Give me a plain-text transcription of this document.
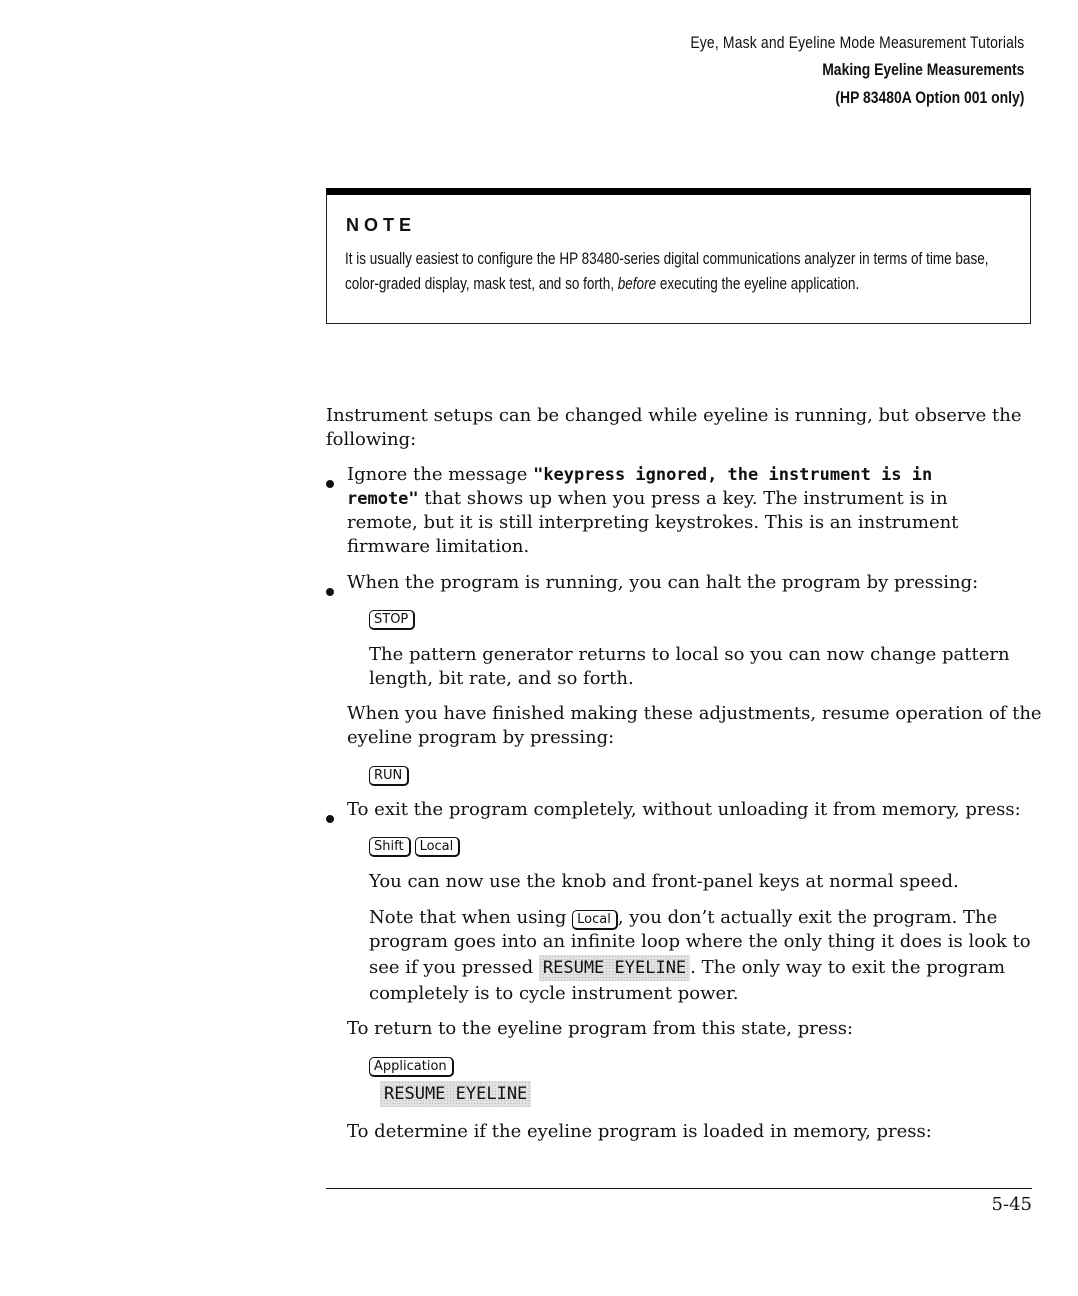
Eye, Mask and Eyeline Mode Measurement Tutorials
Making Eyeline Measurements
(HP 83480A Option 001 only)
NOTE
It is usually easiest to configure the HP 83480-series digital communications analyzer in terms of time base, color-graded display, mask test, and so forth, before executing the eyeline application.
Instrument setups can be changed while eyeline is running, but observe the
following:
Ignore the message "keypress ignored, the instrument is in
remote" that shows up when you press a key. The instrument is in
remote, but it is still interpreting keystrokes. This is an instrument
firmware limitation.
When the program is running, you can halt the program by pressing:
STOP
The pattern generator returns to local so you can now change pattern
length, bit rate, and so forth.
When you have finished making these adjustments, resume operation of the
eyeline program by pressing:
RUN
To exit the program completely, without unloading it from memory, press:
Shift Local
You can now use the knob and front-panel keys at normal speed.
Note that when using Local , you don’t actually exit the program. The
program goes into an infinite loop where the only thing it does is look to
see if you pressed RESUME EYELINE . The only way to exit the program
completely is to cycle instrument power.
To return to the eyeline program from this state, press:
Application
RESUME EYELINE
To determine if the eyeline program is loaded in memory, press:
5-45
